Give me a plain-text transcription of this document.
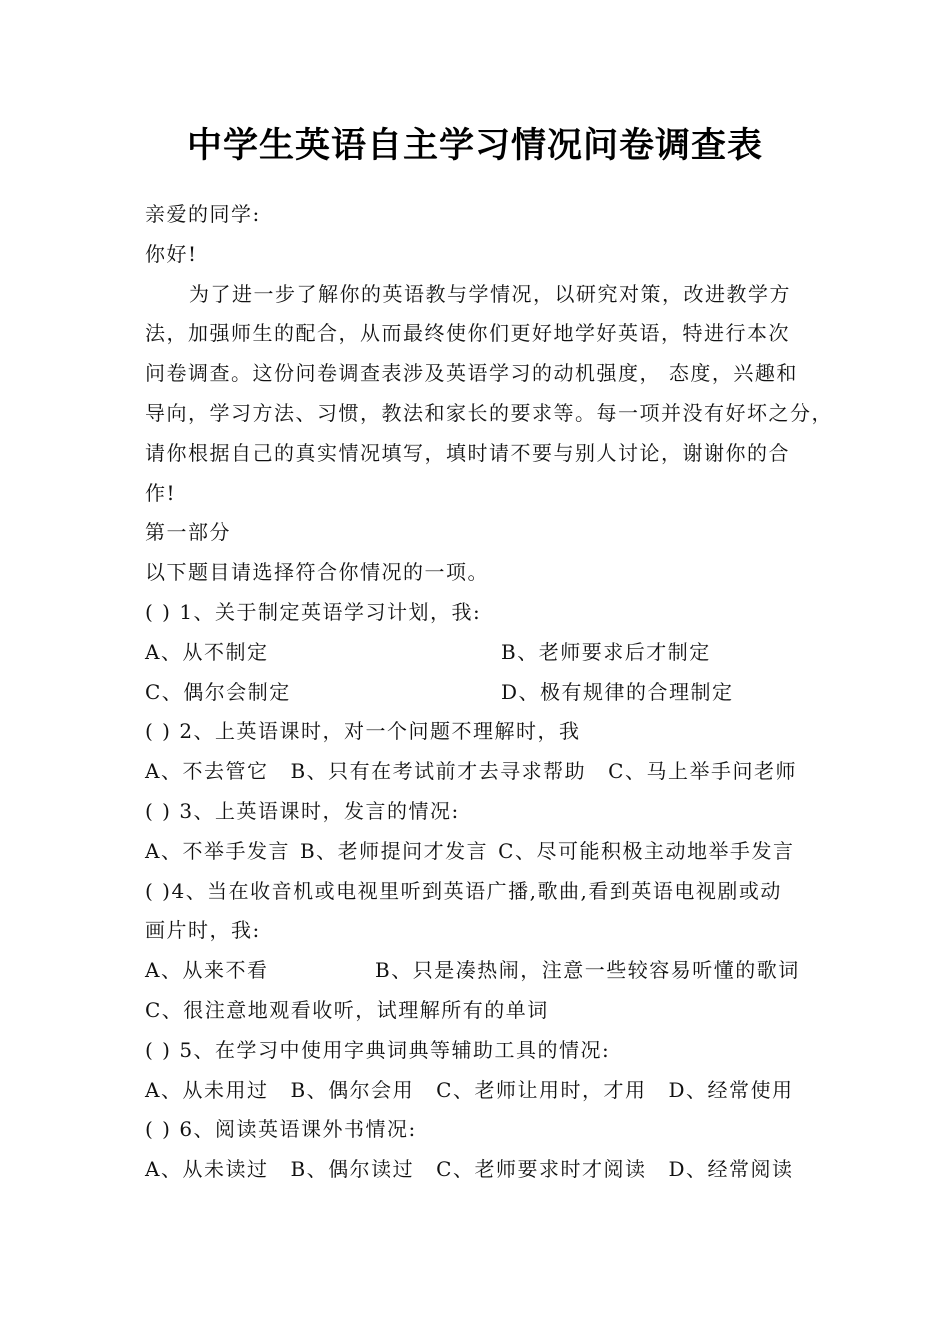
中学生英语自主学习情况问卷调查表
亲爱的同学:
你好!
为了进一步了解你的英语教与学情况，以研究对策，改进教学方
法，加强师生的配合，从而最终使你们更好地学好英语，特进行本次
问卷调查。这份问卷调查表涉及英语学习的动机强度， 态度，兴趣和
导向，学习方法、习惯，教法和家长的要求等。每一项并没有好坏之分，
请你根据自己的真实情况填写，填时请不要与别人讨论，谢谢你的合
作!
第一部分
以下题目请选择符合你情况的一项。
( ) 1、关于制定英语学习计划，我:
A、从不制定	B、老师要求后才制定
C、偶尔会制定	D、极有规律的合理制定
( ) 2、上英语课时，对一个问题不理解时，我
A、不去管它 B、只有在考试前才去寻求帮助 C、马上举手问老师
( ) 3、上英语课时，发言的情况:
A、不举手发言 B、老师提问才发言 C、尽可能积极主动地举手发言
( )4、当在收音机或电视里听到英语广播,歌曲,看到英语电视剧或动
画片时，我:
A、从来不看	B、只是凑热闹，注意一些较容易听懂的歌词
C、很注意地观看收听，试理解所有的单词
( ) 5、在学习中使用字典词典等辅助工具的情况:
A、从未用过 B、偶尔会用 C、老师让用时，才用 D、经常使用
( ) 6、阅读英语课外书情况:
A、从未读过 B、偶尔读过 C、老师要求时才阅读 D、经常阅读
